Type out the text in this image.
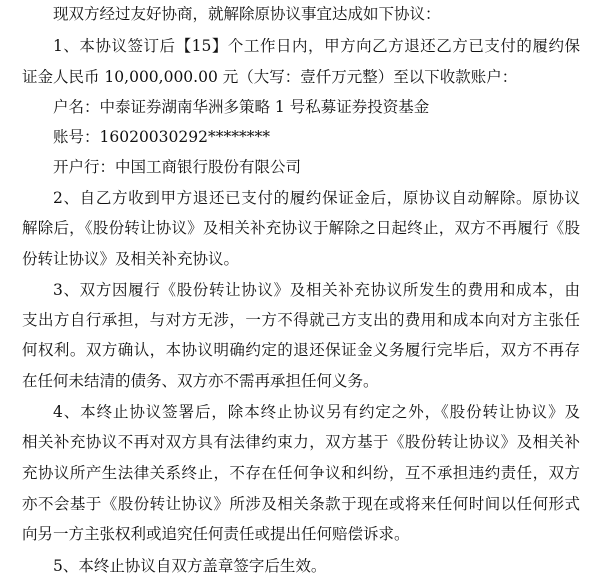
现双方经过友好协商，就解除原协议事宜达成如下协议：
1、本协议签订后【15】个工作日内，甲方向乙方退还乙方已支付的履约保
证金人民币 10,000,000.00 元（大写：壹仟万元整）至以下收款账户：
户名：中泰证券湖南华洲多策略 1 号私募证券投资基金
账号：16020030292********
开户行：中国工商银行股份有限公司
2、自乙方收到甲方退还已支付的履约保证金后，原协议自动解除。原协议
解除后，《股份转让协议》及相关补充协议于解除之日起终止，双方不再履行《股
份转让协议》及相关补充协议。
3、双方因履行《股份转让协议》及相关补充协议所发生的费用和成本，由
支出方自行承担，与对方无涉，一方不得就己方支出的费用和成本向对方主张任
何权利。双方确认，本协议明确约定的退还保证金义务履行完毕后，双方不再存
在任何未结清的债务、双方亦不需再承担任何义务。
4、本终止协议签署后，除本终止协议另有约定之外，《股份转让协议》及
相关补充协议不再对双方具有法律约束力，双方基于《股份转让协议》及相关补
充协议所产生法律关系终止，不存在任何争议和纠纷，互不承担违约责任，双方
亦不会基于《股份转让协议》所涉及相关条款于现在或将来任何时间以任何形式
向另一方主张权利或追究任何责任或提出任何赔偿诉求。
5、本终止协议自双方盖章签字后生效。
